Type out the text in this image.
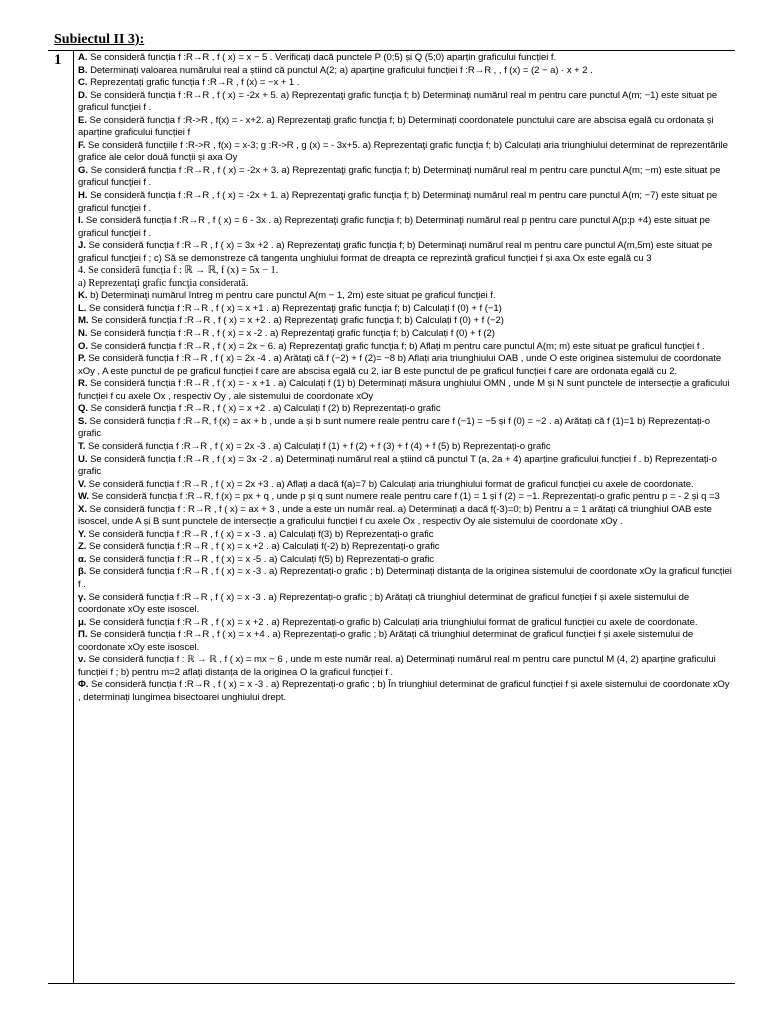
Subiectul II 3):
1 A. Se consideră funcția f :R→R , f ( x) = x − 5 . Verificați dacă punctele P (0;5) și Q (5;0) aparțin graficului funcției f.

B. Determinați valoarea numărului real a știind că punctul A(2; a) aparține graficului funcției f :R→R , , f (x) = (2 − a) · x + 2 .

C. Reprezentați grafic funcția f :R→R , f (x) = −x + 1 .

D. Se consideră funcția f :R→R , f ( x) = -2x + 5. a) Reprezentaţi grafic funcţia f; b) Determinaţi numărul real m pentru care punctul A(m; −1) este situat pe graficul funcţiei f .

E. Se consideră funcția f :R->R , f(x) = - x+2. a) Reprezentaţi grafic funcţia f; b) Determinați coordonatele punctului care are abscisa egală cu ordonata și aparține graficului funcției f

F. Se consideră funcțiile f :R->R , f(x) = x-3; g :R->R , g (x) = - 3x+5. a) Reprezentaţi grafic funcţia f; b) Calculați aria triunghiului determinat de reprezentările grafice ale celor două funcții și axa Oy

G. Se consideră funcția f :R→R , f ( x) = -2x + 3. a) Reprezentaţi grafic funcţia f; b) Determinaţi numărul real m pentru care punctul A(m; −m) este situat pe graficul funcţiei f .

H. Se consideră funcția f :R→R , f ( x) = -2x + 1. a) Reprezentaţi grafic funcţia f; b) Determinaţi numărul real m pentru care punctul A(m; −7) este situat pe graficul funcţiei f .

I. Se consideră funcția f :R→R , f ( x) = 6 - 3x . a) Reprezentaţi grafic funcţia f; b) Determinaţi numărul real p pentru care punctul A(p;p +4) este situat pe graficul funcţiei f .

J. Se consideră funcția f :R→R , f ( x) = 3x +2 . a) Reprezentaţi grafic funcţia f; b) Determinaţi numărul real m pentru care punctul A(m,5m) este situat pe graficul funcţiei f ; c) Să se demonstreze că tangenta unghiului format de dreapta ce reprezintă graficul funcției f și axa Ox este egală cu 3

4. Se consideră funcția f : ℝ → ℝ, f (x) = 5x − 1.

a) Reprezentaţi grafic funcţia considerată.

K. b) Determinaţi numărul întreg m pentru care punctul A(m − 1, 2m) este situat pe graficul funcţiei f.

L. Se consideră funcția f :R→R , f ( x) = x +1 . a) Reprezentaţi grafic funcţia f; b) Calculați f (0) + f (−1)

M. Se consideră funcția f :R→R , f ( x) = x +2 . a) Reprezentaţi grafic funcţia f; b) Calculați f (0) + f (−2)

N. Se consideră funcția f :R→R , f ( x) = x -2 . a) Reprezentaţi grafic funcţia f; b) Calculați f (0) + f (2)

O. Se consideră funcția f :R→R , f ( x) = 2x − 6. a) Reprezentaţi grafic funcţia f; b) Aflați m pentru care punctul A(m; m) este situat pe graficul funcţiei f .

P. Se consideră funcția f :R→R , f ( x) = 2x -4 . a) Arătați că f (−2) + f (2)= −8 b) Aflați aria triunghiului OAB , unde O este originea sistemului de coordonate xOy , A este punctul de pe graficul funcției f care are abscisa egală cu 2, iar B este punctul de pe graficul funcției f care are ordonata egală cu 2.

R. Se consideră funcția f :R→R , f ( x) = - x +1 . a) Calculați f (1) b) Determinați măsura unghiului OMN , unde M și N sunt punctele de intersecție a graficului funcției f cu axele Ox , respectiv Oy , ale sistemului de coordonate xOy

Q. Se consideră funcția f :R→R , f ( x) = x +2 . a) Calculați f (2) b) Reprezentați-o grafic

S. Se consideră funcția f :R→R, f (x) = ax + b , unde a și b sunt numere reale pentru care f (−1) = −5 și f (0) = −2 . a) Arătați că f (1)=1 b) Reprezentați-o grafic

T. Se consideră funcția f :R→R , f ( x) = 2x -3 . a) Calculați f (1) + f (2) + f (3) + f (4) + f (5) b) Reprezentați-o grafic

U. Se consideră funcția f :R→R , f ( x) = 3x -2 . a) Determinați numărul real a știind că punctul T (a, 2a + 4) aparține graficului funcției f . b) Reprezentați-o grafic

V. Se consideră funcția f :R→R , f ( x) = 2x +3 . a) Aflați a dacă f(a)=7 b) Calculați aria triunghiului format de graficul funcției cu axele de coordonate.

W. Se consideră funcția f :R→R, f (x) = px + q , unde p și q sunt numere reale pentru care f (1) = 1 și f (2) = −1. Reprezentați-o grafic pentru p = - 2 și q =3

X. Se consideră funcția f : R→R , f ( x) = ax + 3 , unde a este un număr real. a) Determinați a dacă f(-3)=0; b) Pentru a = 1 arătați că triunghiul OAB este isoscel, unde A și B sunt punctele de intersecție a graficului funcției f cu axele Ox , respectiv Oy ale sistemului de coordonate xOy .

Y. Se consideră funcția f :R→R , f ( x) = x -3 . a) Calculați f(3) b) Reprezentați-o grafic

Z. Se consideră funcția f :R→R , f ( x) = x +2 . a) Calculați f(-2) b) Reprezentați-o grafic

α. Se consideră funcția f :R→R , f ( x) = x -5 . a) Calculați f(5) b) Reprezentați-o grafic

β. Se consideră funcția f :R→R , f ( x) = x -3 . a) Reprezentați-o grafic ; b) Determinați distanța de la originea sistemului de coordonate xOy la graficul funcției f .

γ. Se consideră funcția f :R→R , f ( x) = x -3 . a) Reprezentați-o grafic ; b) Arătați că triunghiul determinat de graficul funcției f și axele sistemului de coordonate xOy este isoscel.

μ. Se consideră funcția f :R→R , f ( x) = x +2 . a) Reprezentați-o grafic b) Calculați aria triunghiului format de graficul funcției cu axele de coordonate.

Π. Se consideră funcția f :R→R , f ( x) = x +4 . a) Reprezentați-o grafic ; b) Arătați că triunghiul determinat de graficul funcției f și axele sistemului de coordonate xOy este isoscel.

ν. Se consideră funcția f : ℝ → ℝ , f ( x) = mx − 6 , unde m este număr real. a) Determinați numărul real m pentru care punctul M (4, 2) aparține graficului funcției f ; b) pentru m=2 aflați distanța de la originea O la graficul funcției f .

Φ. Se consideră funcția f :R→R , f ( x) = x -3 . a) Reprezentați-o grafic ; b) În triunghiul determinat de graficul funcției f și axele sistemului de coordonate xOy , determinați lungimea bisectoarei unghiului drept.
